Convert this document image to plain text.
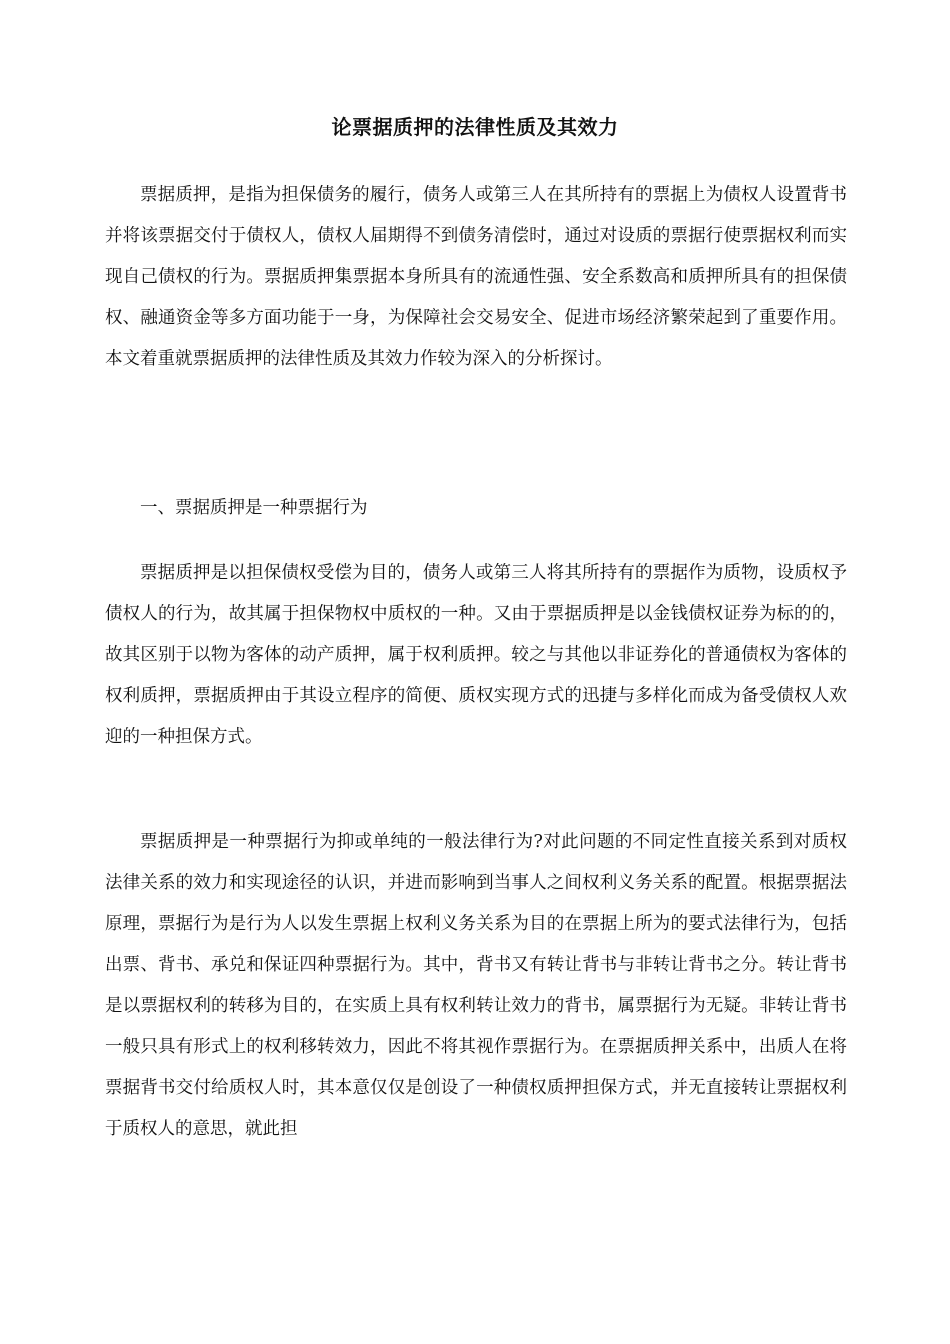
论票据质押的法律性质及其效力

票据质押，是指为担保债务的履行，债务人或第三人在其所持有的票据上为债权人设置背书并将该票据交付于债权人，债权人届期得不到债务清偿时，通过对设质的票据行使票据权利而实现自己债权的行为。票据质押集票据本身所具有的流通性强、安全系数高和质押所具有的担保债权、融通资金等多方面功能于一身，为保障社会交易安全、促进市场经济繁荣起到了重要作用。本文着重就票据质押的法律性质及其效力作较为深入的分析探讨。

一、票据质押是一种票据行为

票据质押是以担保债权受偿为目的，债务人或第三人将其所持有的票据作为质物，设质权予债权人的行为，故其属于担保物权中质权的一种。又由于票据质押是以金钱债权证券为标的的，故其区别于以物为客体的动产质押，属于权利质押。较之与其他以非证券化的普通债权为客体的权利质押，票据质押由于其设立程序的简便、质权实现方式的迅捷与多样化而成为备受债权人欢迎的一种担保方式。

票据质押是一种票据行为抑或单纯的一般法律行为?对此问题的不同定性直接关系到对质权法律关系的效力和实现途径的认识，并进而影响到当事人之间权利义务关系的配置。根据票据法原理，票据行为是行为人以发生票据上权利义务关系为目的在票据上所为的要式法律行为，包括出票、背书、承兑和保证四种票据行为。其中，背书又有转让背书与非转让背书之分。转让背书是以票据权利的转移为目的，在实质上具有权利转让效力的背书，属票据行为无疑。非转让背书一般只具有形式上的权利移转效力，因此不将其视作票据行为。在票据质押关系中，出质人在将票据背书交付给质权人时，其本意仅仅是创设了一种债权质押担保方式，并无直接转让票据权利于质权人的意思，就此担
